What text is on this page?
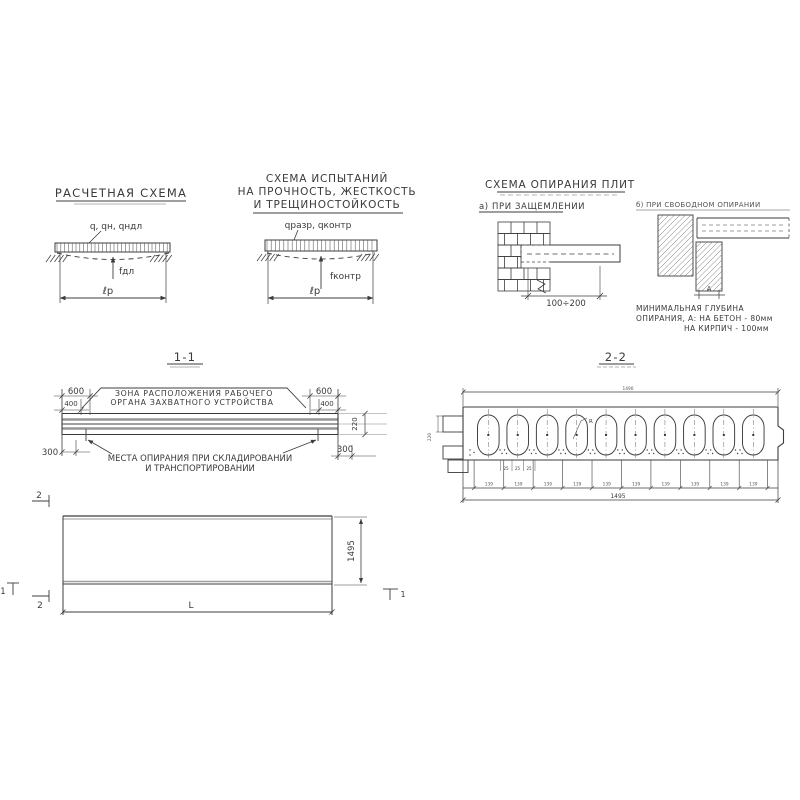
РАСЧЕТНАЯ СХЕМА
q, qн, qндл
fдл
ℓр
СХЕМА ИСПЫТАНИЙ
НА ПРОЧНОСТЬ, ЖЕСТКОСТЬ
И ТРЕЩИНОСТОЙКОСТЬ
qразр, qконтр
fконтр
ℓр
СХЕМА ОПИРАНИЯ ПЛИТ
а) ПРИ ЗАЩЕМЛЕНИИ	б) ПРИ СВОБОДНОМ ОПИРАНИИ
100÷200
А
МИНИМАЛЬНАЯ ГЛУБИНА
ОПИРАНИЯ, А: НА БЕТОН - 80мм
НА КИРПИЧ - 100мм
1-1
ЗОНА РАСПОЛОЖЕНИЯ РАБОЧЕГО
ОРГАНА ЗАХВАТНОГО УСТРОЙСТВА
600	600
400	400
220
300	300
МЕСТА ОПИРАНИЯ ПРИ СКЛАДИРОВАНИИ
И ТРАНСПОРТИРОВАНИИ
2-2
1490
220
R
139	139	139	139	139	139	139	139	139	139
25 25 25
1495
L
1495
2
2
1	1
